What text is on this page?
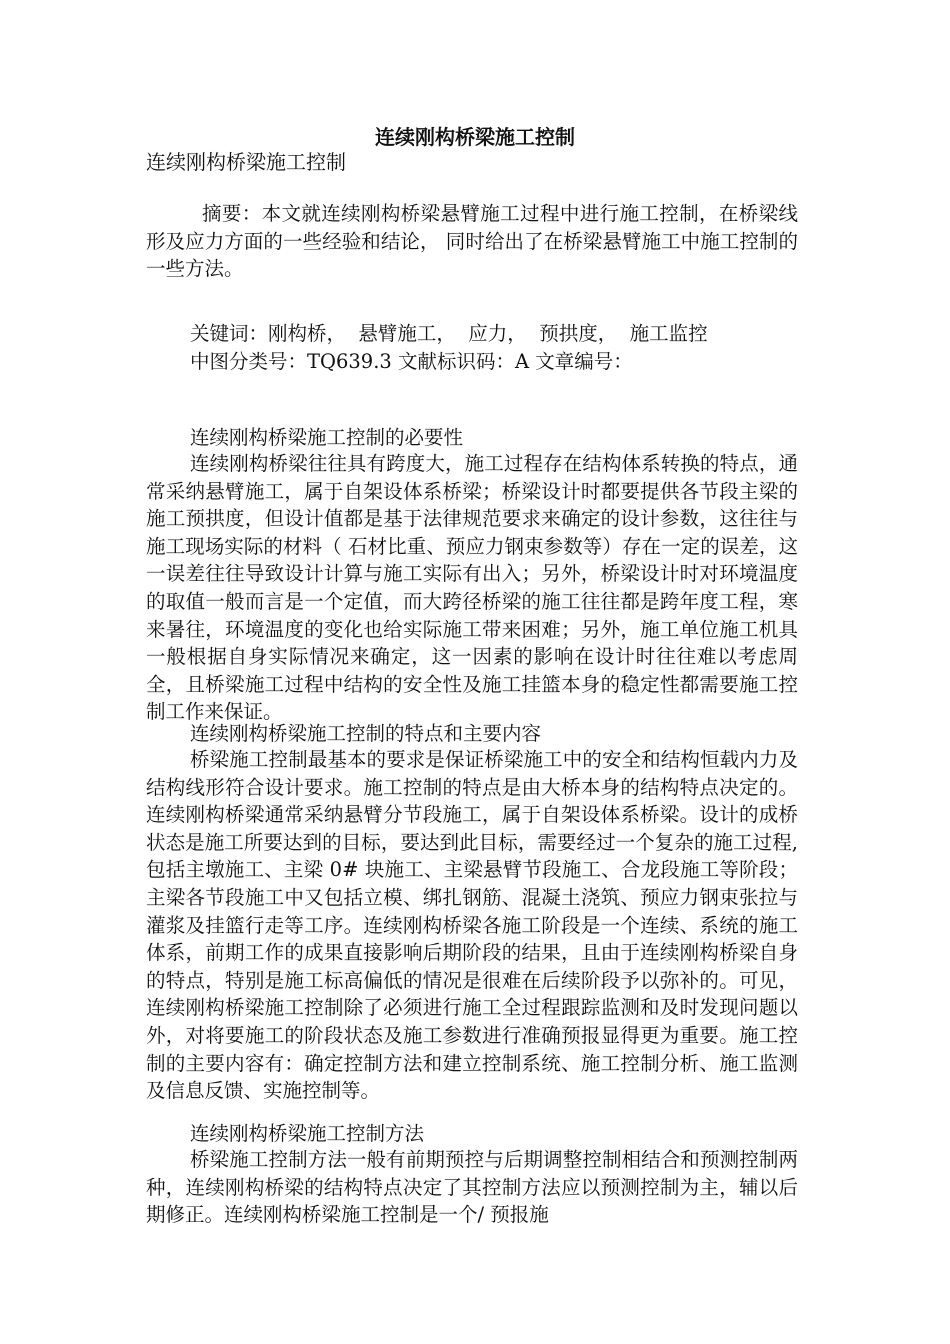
连续刚构桥梁施工控制

连续刚构桥梁施工控制

摘要：本文就连续刚构桥梁悬臂施工过程中进行施工控制，在桥梁线形及应力方面的一些经验和结论， 同时给出了在桥梁悬臂施工中施工控制的一些方法。

关键词：刚构桥，  悬臂施工，  应力，  预拱度，  施工监控

中图分类号：TQ639.3 文献标识码：A 文章编号：

连续刚构桥梁施工控制的必要性

连续刚构桥梁往往具有跨度大，施工过程存在结构体系转换的特点，通常采纳悬臂施工，属于自架设体系桥梁；桥梁设计时都要提供各节段主梁的施工预拱度，但设计值都是基于法律规范要求来确定的设计参数，这往往与施工现场实际的材料（ 石材比重、预应力钢束参数等）存在一定的误差，这一误差往往导致设计计算与施工实际有出入；另外，桥梁设计时对环境温度的取值一般而言是一个定值，而大跨径桥梁的施工往往都是跨年度工程，寒来暑往，环境温度的变化也给实际施工带来困难；另外，施工单位施工机具一般根据自身实际情况来确定，这一因素的影响在设计时往往难以考虑周全，且桥梁施工过程中结构的安全性及施工挂篮本身的稳定性都需要施工控制工作来保证。

连续刚构桥梁施工控制的特点和主要内容

桥梁施工控制最基本的要求是保证桥梁施工中的安全和结构恒载内力及结构线形符合设计要求。施工控制的特点是由大桥本身的结构特点决定的。连续刚构桥梁通常采纳悬臂分节段施工，属于自架设体系桥梁。设计的成桥状态是施工所要达到的目标，要达到此目标，需要经过一个复杂的施工过程,包括主墩施工、主梁 0# 块施工、主梁悬臂节段施工、合龙段施工等阶段；主梁各节段施工中又包括立模、绑扎钢筋、混凝土浇筑、预应力钢束张拉与灌浆及挂篮行走等工序。连续刚构桥梁各施工阶段是一个连续、系统的施工体系，前期工作的成果直接影响后期阶段的结果，且由于连续刚构桥梁自身的特点，特别是施工标高偏低的情况是很难在后续阶段予以弥补的。可见，连续刚构桥梁施工控制除了必须进行施工全过程跟踪监测和及时发现问题以外，对将要施工的阶段状态及施工参数进行准确预报显得更为重要。施工控制的主要内容有：确定控制方法和建立控制系统、施工控制分析、施工监测及信息反馈、实施控制等。

连续刚构桥梁施工控制方法

桥梁施工控制方法一般有前期预控与后期调整控制相结合和预测控制两种，连续刚构桥梁的结构特点决定了其控制方法应以预测控制为主，辅以后期修正。连续刚构桥梁施工控制是一个/ 预报施
